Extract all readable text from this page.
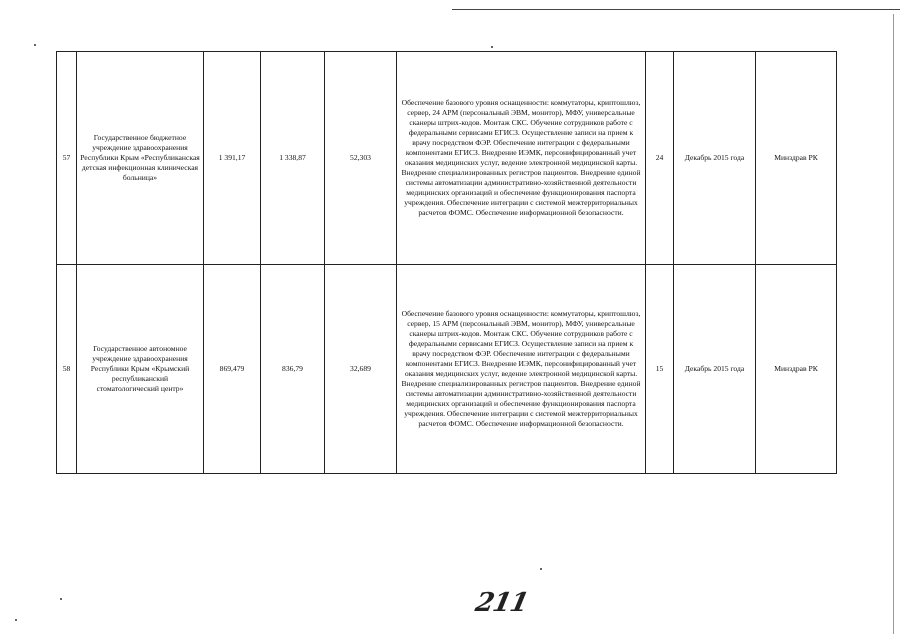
57	Государственное бюджетное учреждение здравоохранения Республики Крым «Республиканская детская инфекционная клиническая больница»	1 391,17	1 338,87	52,303	Обеспечение базового уровня оснащенности: коммутаторы, криптошлюз, сервер, 24 АРМ (персональный ЭВМ, монитор), МФУ, универсальные сканеры штрих-кодов. Монтаж СКС. Обучение сотрудников работе с федеральными сервисами ЕГИСЗ. Осуществление записи на прием к врачу посредством ФЭР. Обеспечение интеграции с федеральными компонентами ЕГИСЗ. Внедрение ИЭМК, персонифицированный учет оказания медицинских услуг, ведение электронной медицинской карты. Внедрение специализированных регистров пациентов. Внедрение единой системы автоматизации административно-хозяйственной деятельности медицинских организаций и обеспечение функционирования паспорта учреждения. Обеспечение интеграции с системой межтерриториальных расчетов ФОМС. Обеспечение информационной безопасности.	24	Декабрь 2015 года	Минздрав РК
58	Государственное автономное учреждение здравоохранения Республики Крым «Крымский республиканский стоматологический центр»	869,479	836,79	32,689	Обеспечение базового уровня оснащенности: коммутаторы, криптошлюз, сервер, 15 АРМ (персональный ЭВМ, монитор), МФУ, универсальные сканеры штрих-кодов. Монтаж СКС. Обучение сотрудников работе с федеральными сервисами ЕГИСЗ. Осуществление записи на прием к врачу посредством ФЭР. Обеспечение интеграции с федеральными компонентами ЕГИСЗ. Внедрение ИЭМК, персонифицированный учет оказания медицинских услуг, ведение электронной медицинской карты. Внедрение специализированных регистров пациентов. Внедрение единой системы автоматизации административно-хозяйственной деятельности медицинских организаций и обеспечение функционирования паспорта учреждения. Обеспечение интеграции с системой межтерриториальных расчетов ФОМС. Обеспечение информационной безопасности.	15	Декабрь 2015 года	Минздрав РК
211
